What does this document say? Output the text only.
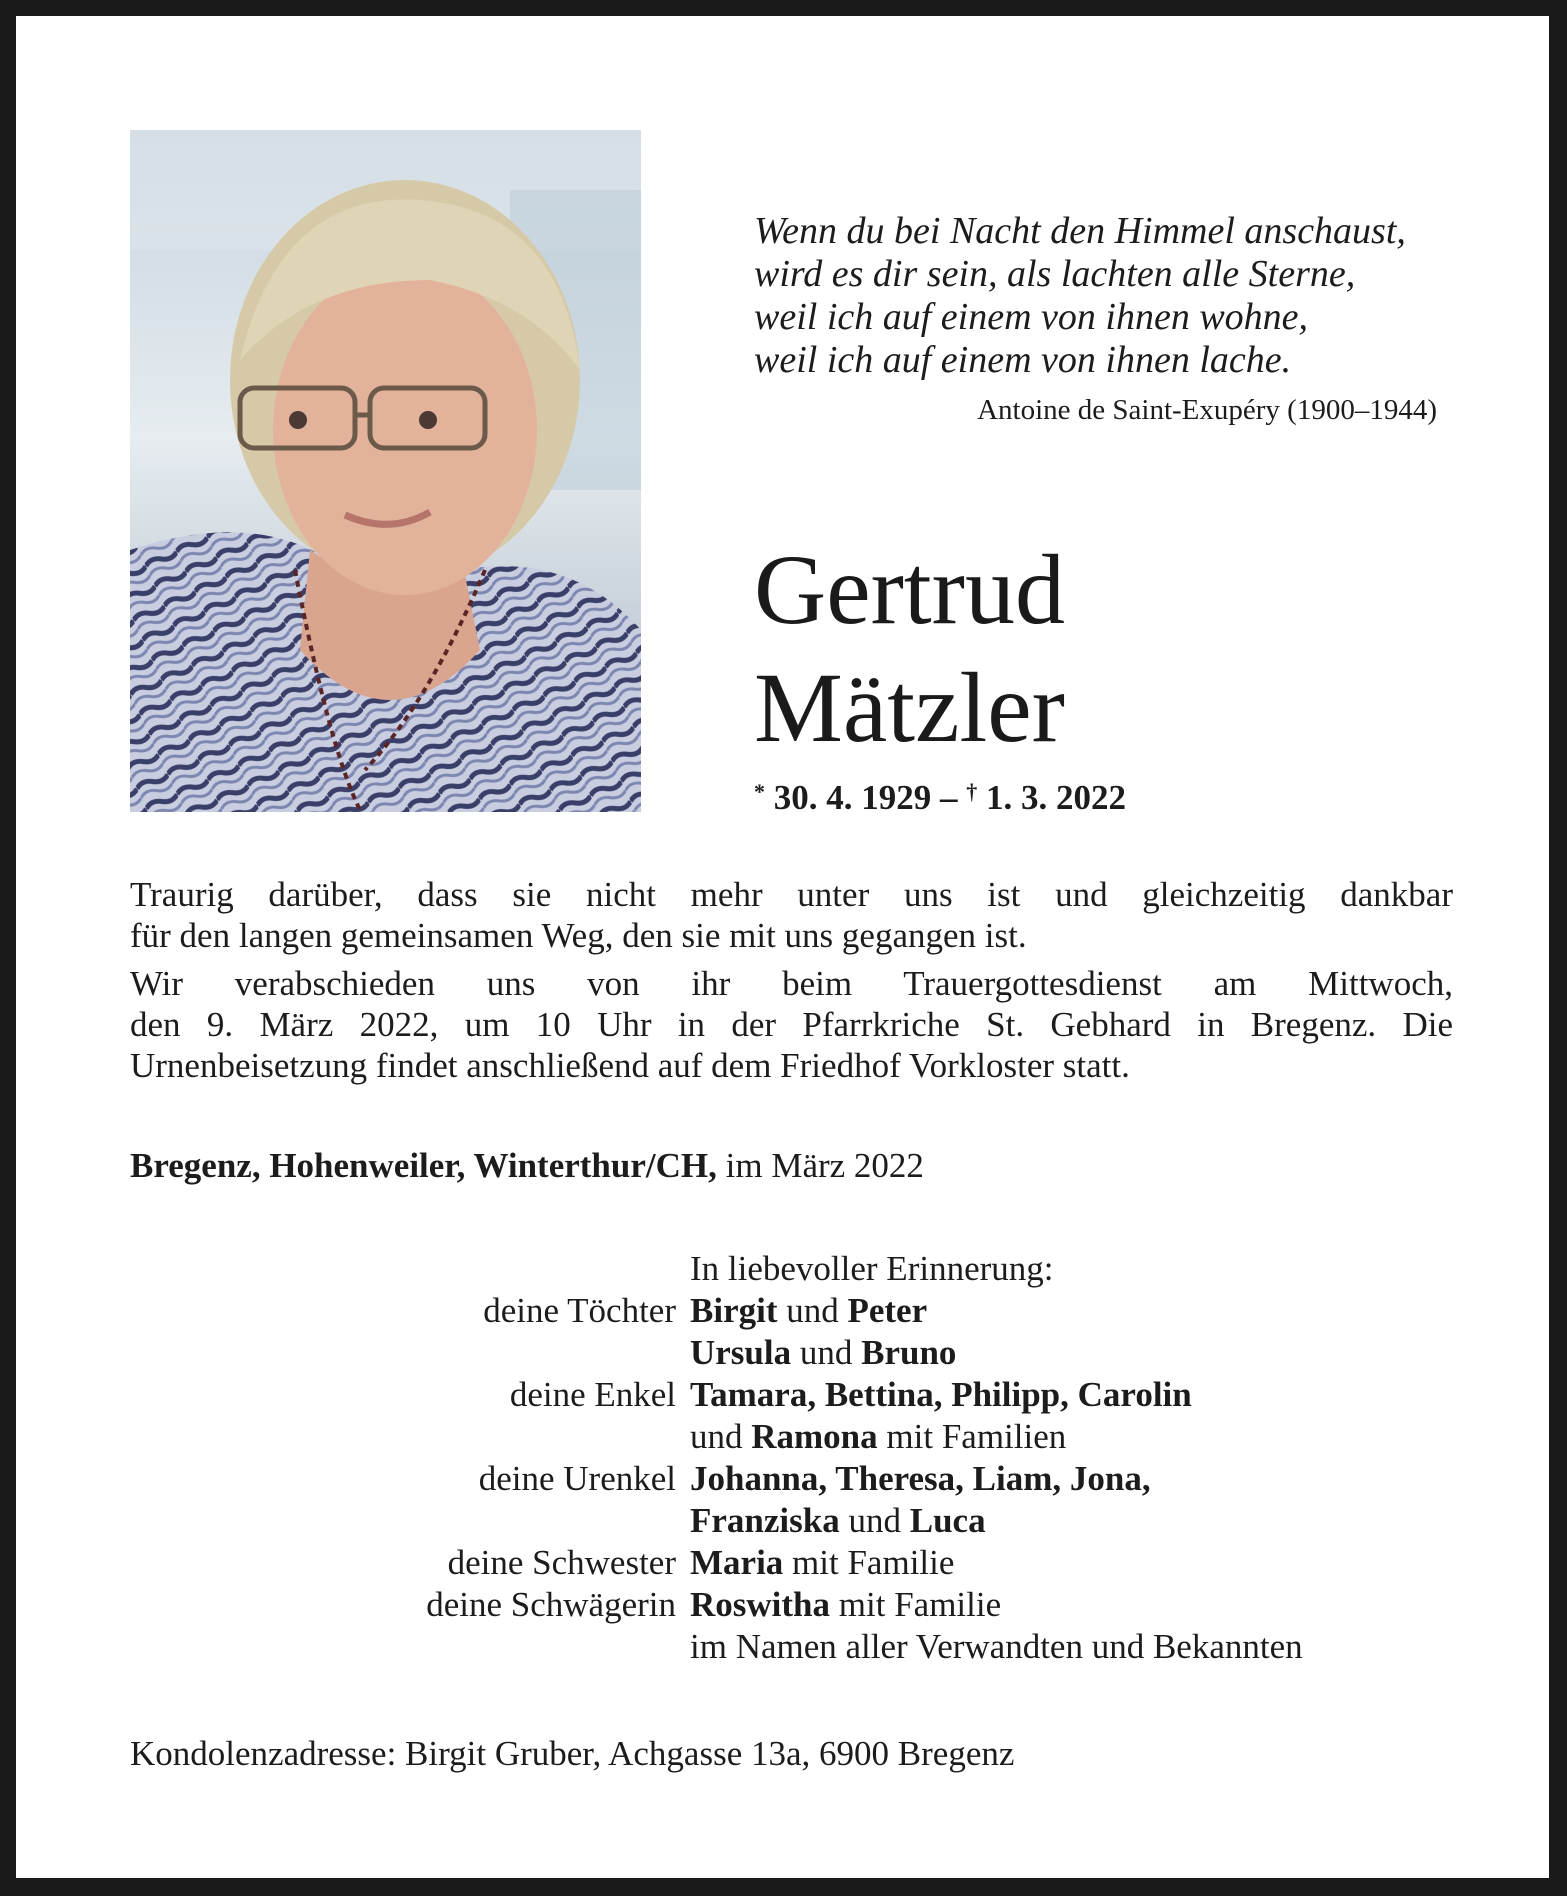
Wenn du bei Nacht den Himmel anschaust,
wird es dir sein, als lachten alle Sterne,
weil ich auf einem von ihnen wohne,
weil ich auf einem von ihnen lache.
Antoine de Saint-Exupéry (1900–1944)
Gertrud
Mätzler
* 30. 4. 1929 – † 1. 3. 2022

Traurig darüber, dass sie nicht mehr unter uns ist und gleichzeitig dankbar
für den langen gemeinsamen Weg, den sie mit uns gegangen ist.

Wir verabschieden uns von ihr beim Trauergottesdienst am Mittwoch,
den 9. März 2022, um 10 Uhr in der Pfarrkriche St. Gebhard in Bregenz. Die
Urnenbeisetzung findet anschließend auf dem Friedhof Vorkloster statt.

Bregenz, Hohenweiler, Winterthur/CH, im März 2022
In liebevoller Erinnerung:
deine Töchter Birgit und Peter
Ursula und Bruno
deine Enkel Tamara, Bettina, Philipp, Carolin
und Ramona mit Familien
deine Urenkel Johanna, Theresa, Liam, Jona,
Franziska und Luca
deine Schwester Maria mit Familie
deine Schwägerin Roswitha mit Familie
im Namen aller Verwandten und Bekannten
Kondolenzadresse: Birgit Gruber, Achgasse 13a, 6900 Bregenz
